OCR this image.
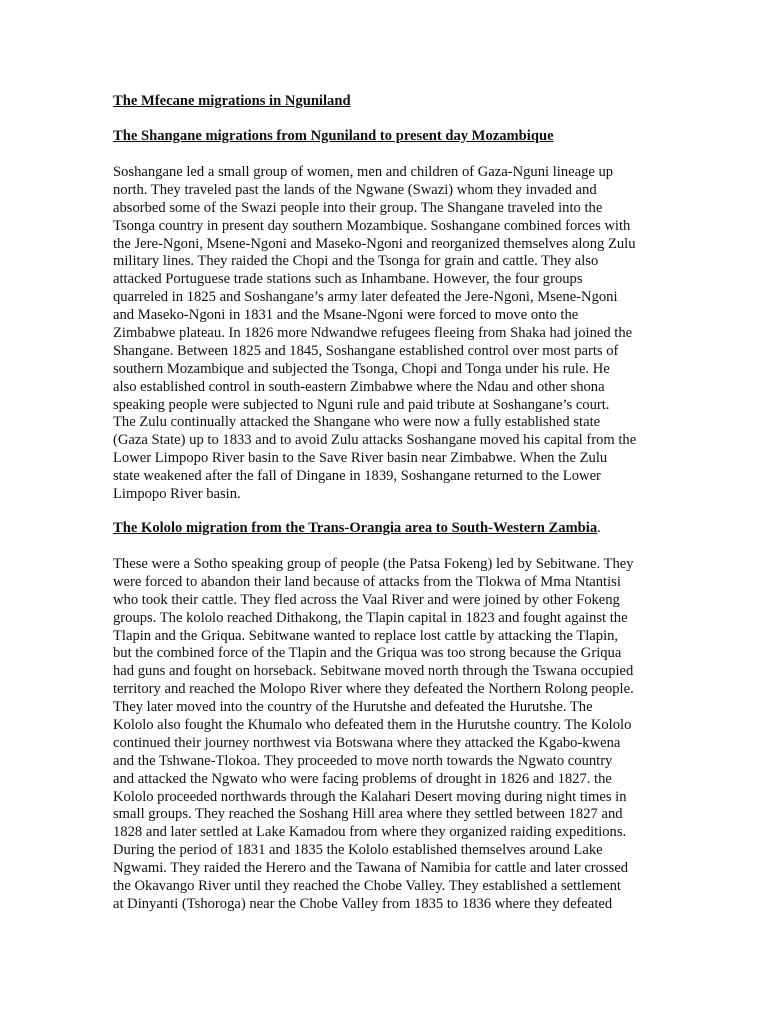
The Mfecane migrations in Nguniland
The Shangane migrations from Nguniland to present day Mozambique
Soshangane led a small group of women, men and children of Gaza-Nguni lineage up
north. They traveled past the lands of the Ngwane (Swazi) whom they invaded and
absorbed some of the Swazi people into their group. The Shangane traveled into the
Tsonga country in present day southern Mozambique. Soshangane combined forces with
the Jere-Ngoni, Msene-Ngoni and Maseko-Ngoni and reorganized themselves along Zulu
military lines. They raided the Chopi and the Tsonga for grain and cattle. They also
attacked Portuguese trade stations such as Inhambane. However, the four groups
quarreled in 1825 and Soshangane’s army later defeated the Jere-Ngoni, Msene-Ngoni
and Maseko-Ngoni in 1831 and the Msane-Ngoni were forced to move onto the
Zimbabwe plateau. In 1826 more Ndwandwe refugees fleeing from Shaka had joined the
Shangane. Between 1825 and 1845, Soshangane established control over most parts of
southern Mozambique and subjected the Tsonga, Chopi and Tonga under his rule. He
also established control in south-eastern Zimbabwe where the Ndau and other shona
speaking people were subjected to Nguni rule and paid tribute at Soshangane’s court.
The Zulu continually attacked the Shangane who were now a fully established state
(Gaza State) up to 1833 and to avoid Zulu attacks Soshangane moved his capital from the
Lower Limpopo River basin to the Save River basin near Zimbabwe. When the Zulu
state weakened after the fall of Dingane in 1839, Soshangane returned to the Lower
Limpopo River basin.
The Kololo migration from the Trans-Orangia area to South-Western Zambia.
These were a Sotho speaking group of people (the Patsa Fokeng) led by Sebitwane. They
were forced to abandon their land because of attacks from the Tlokwa of Mma Ntantisi
who took their cattle. They fled across the Vaal River and were joined by other Fokeng
groups. The kololo reached Dithakong, the Tlapin capital in 1823 and fought against the
Tlapin and the Griqua. Sebitwane wanted to replace lost cattle by attacking the Tlapin,
but the combined force of the Tlapin and the Griqua was too strong because the Griqua
had guns and fought on horseback. Sebitwane moved north through the Tswana occupied
territory and reached the Molopo River where they defeated the Northern Rolong people.
They later moved into the country of the Hurutshe and defeated the Hurutshe. The
Kololo also fought the Khumalo who defeated them in the Hurutshe country. The Kololo
continued their journey northwest via Botswana where they attacked the Kgabo-kwena
and the Tshwane-Tlokoa. They proceeded to move north towards the Ngwato country
and attacked the Ngwato who were facing problems of drought in 1826 and 1827. the
Kololo proceeded northwards through the Kalahari Desert moving during night times in
small groups. They reached the Soshang Hill area where they settled between 1827 and
1828 and later settled at Lake Kamadou from where they organized raiding expeditions.
During the period of 1831 and 1835 the Kololo established themselves around Lake
Ngwami. They raided the Herero and the Tawana of Namibia for cattle and later crossed
the Okavango River until they reached the Chobe Valley. They established a settlement
at Dinyanti (Tshoroga) near the Chobe Valley from 1835 to 1836 where they defeated
